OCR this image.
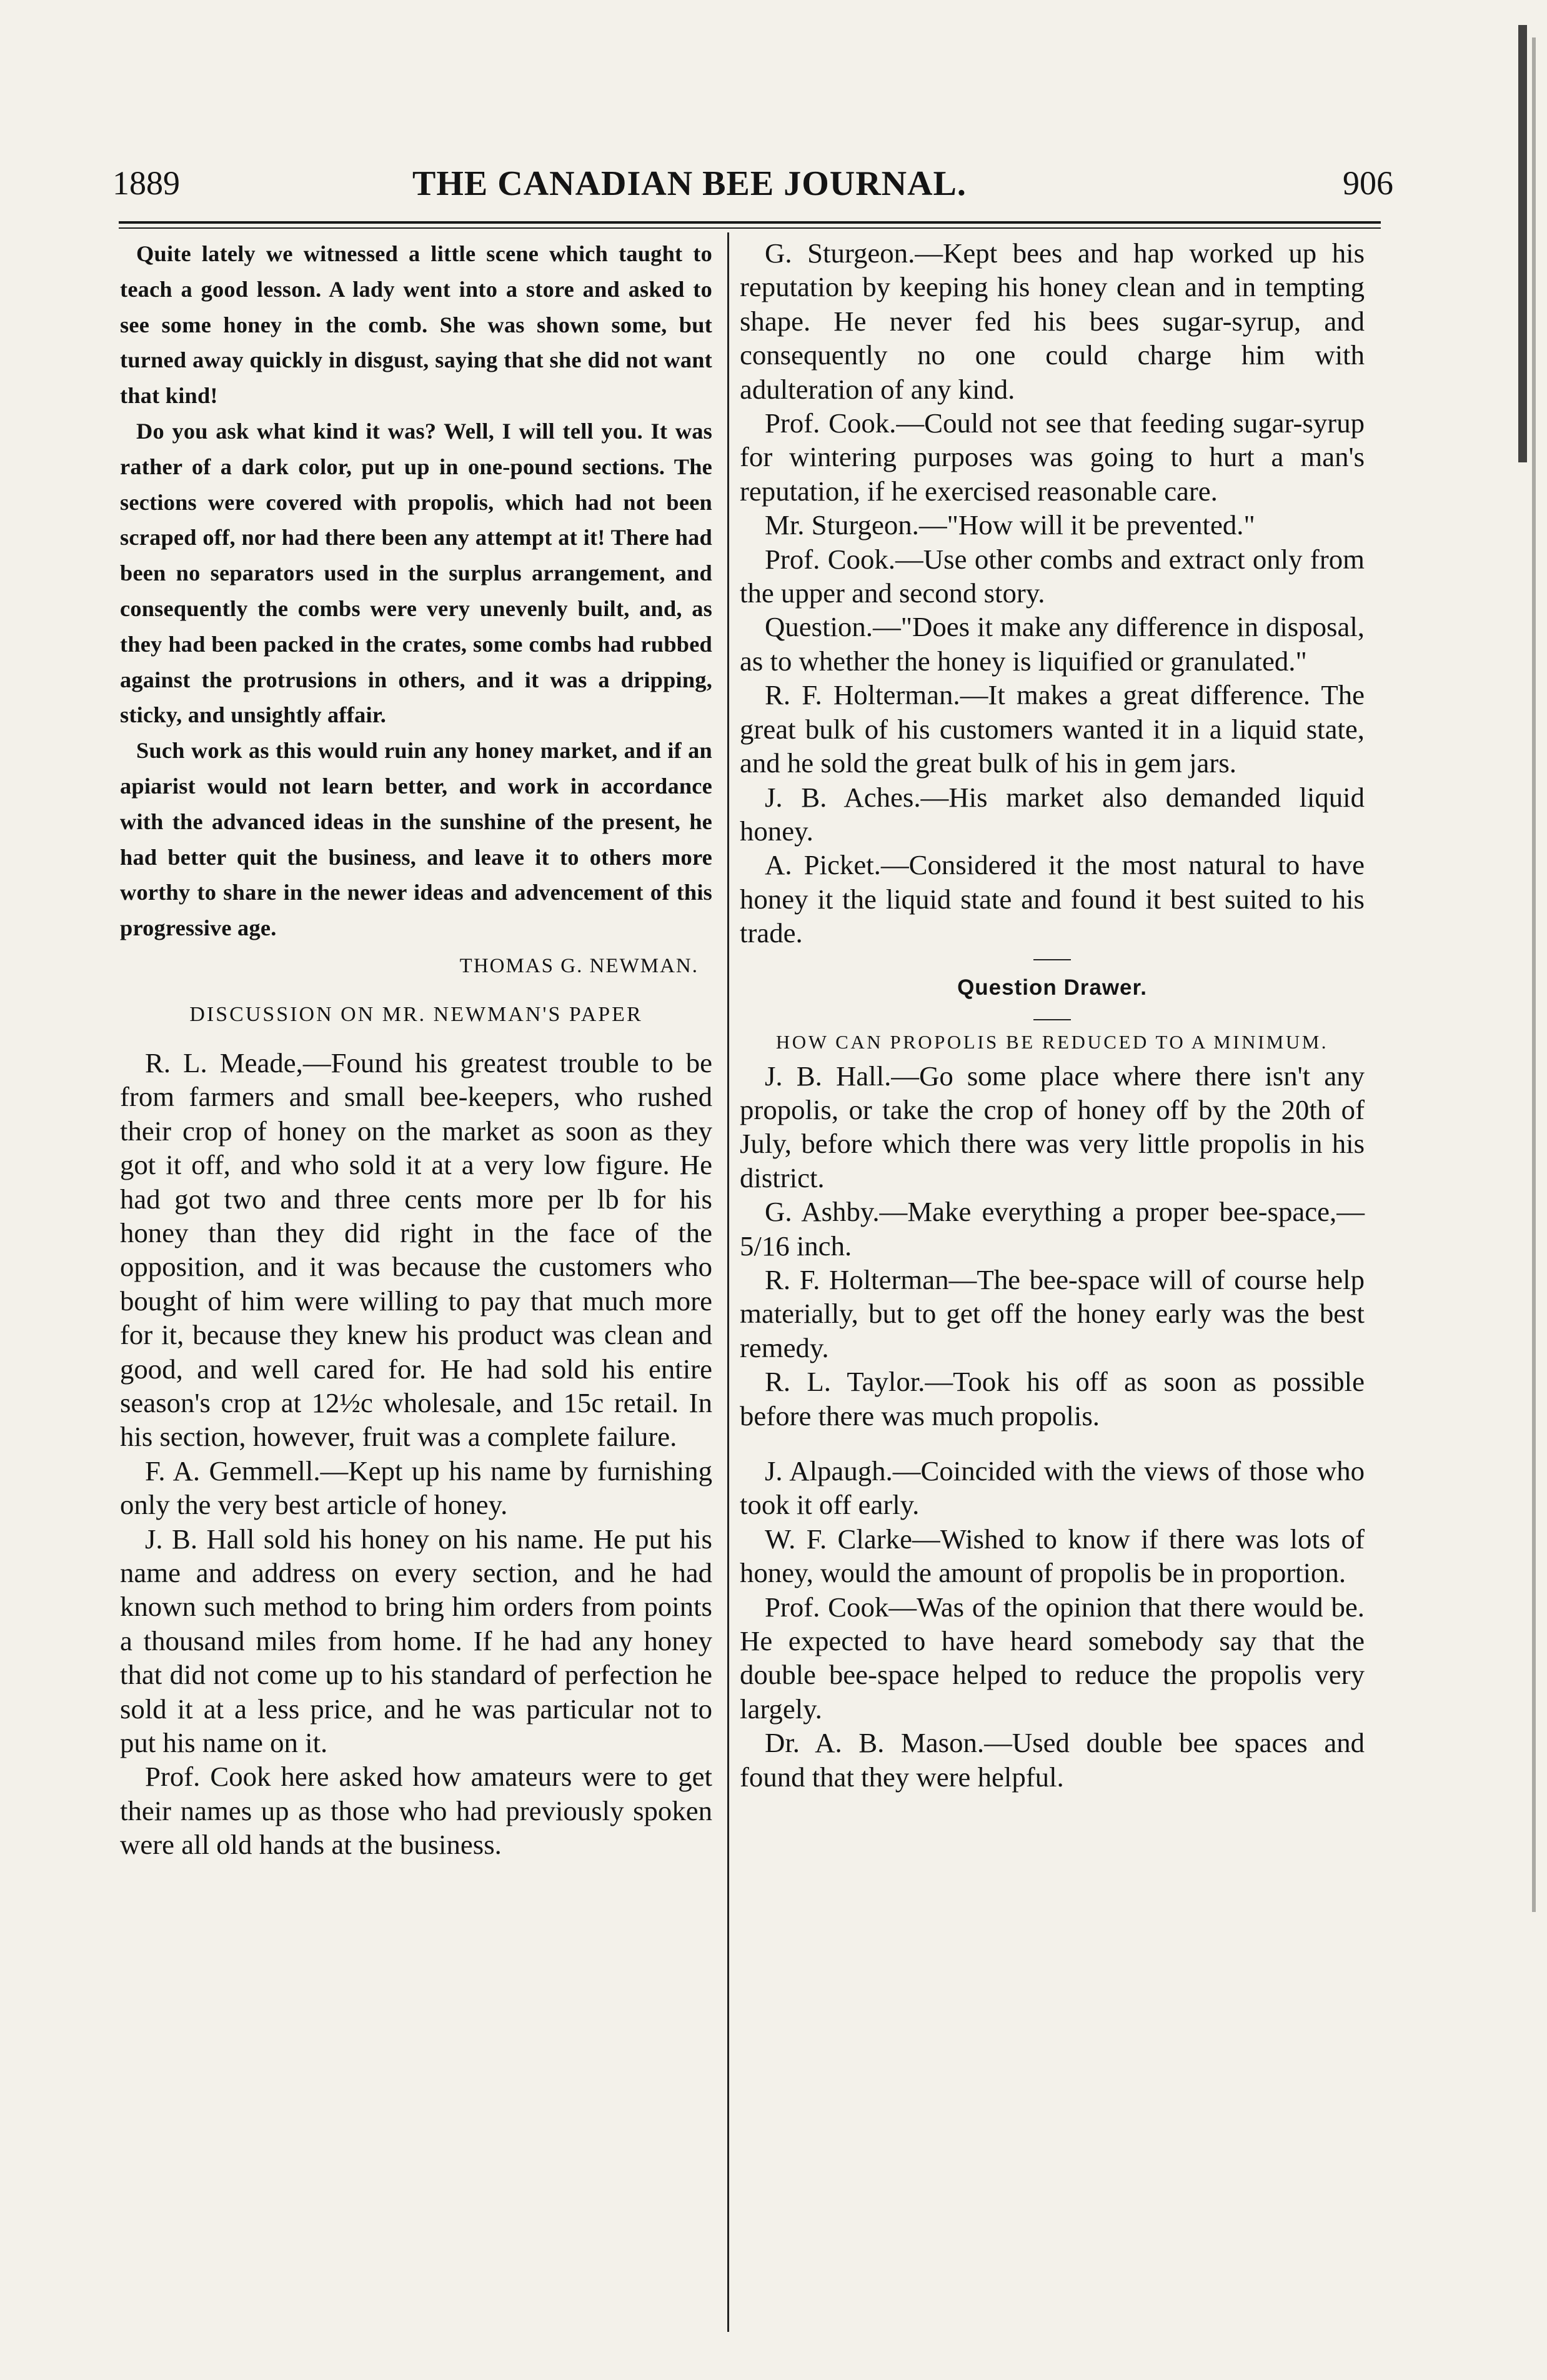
1889	THE CANADIAN BEE JOURNAL.	906

Quite lately we witnessed a little scene which taught to teach a good lesson. A lady went into a store and asked to see some honey in the comb. She was shown some, but turned away quickly in disgust, saying that she did not want that kind!

Do you ask what kind it was? Well, I will tell you. It was rather of a dark color, put up in one-pound sections. The sections were covered with propolis, which had not been scraped off, nor had there been any attempt at it! There had been no separators used in the surplus arrangement, and consequently the combs were very unevenly built, and, as they had been packed in the crates, some combs had rubbed against the protrusions in others, and it was a dripping, sticky, and unsightly affair.

Such work as this would ruin any honey market, and if an apiarist would not learn better, and work in accordance with the advanced ideas in the sunshine of the present, he had better quit the business, and leave it to others more worthy to share in the newer ideas and advencement of this progressive age.

THOMAS G. NEWMAN.
DISCUSSION ON MR. NEWMAN'S PAPER

R. L. Meade,—Found his greatest trouble to be from farmers and small bee-keepers, who rushed their crop of honey on the market as soon as they got it off, and who sold it at a very low figure. He had got two and three cents more per lb for his honey than they did right in the face of the opposition, and it was because the customers who bought of him were willing to pay that much more for it, because they knew his product was clean and good, and well cared for. He had sold his entire season's crop at 12½c wholesale, and 15c retail. In his section, however, fruit was a complete failure.

F. A. Gemmell.—Kept up his name by furnishing only the very best article of honey.

J. B. Hall sold his honey on his name. He put his name and address on every section, and he had known such method to bring him orders from points a thousand miles from home. If he had any honey that did not come up to his standard of perfection he sold it at a less price, and he was particular not to put his name on it.

Prof. Cook here asked how amateurs were to get their names up as those who had previously spoken were all old hands at the business.

G. Sturgeon.—Kept bees and hap worked up his reputation by keeping his honey clean and in tempting shape. He never fed his bees sugar-syrup, and consequently no one could charge him with adulteration of any kind.

Prof. Cook.—Could not see that feeding sugar-syrup for wintering purposes was going to hurt a man's reputation, if he exercised reasonable care.

Mr. Sturgeon.—"How will it be prevented."

Prof. Cook.—Use other combs and extract only from the upper and second story.

Question.—"Does it make any difference in disposal, as to whether the honey is liquified or granulated."

R. F. Holterman.—It makes a great difference. The great bulk of his customers wanted it in a liquid state, and he sold the great bulk of his in gem jars.

J. B. Aches.—His market also demanded liquid honey.

A. Picket.—Considered it the most natural to have honey it the liquid state and found it best suited to his trade.

Question Drawer.
HOW CAN PROPOLIS BE REDUCED TO A MINIMUM.

J. B. Hall.—Go some place where there isn't any propolis, or take the crop of honey off by the 20th of July, before which there was very little propolis in his district.

G. Ashby.—Make everything a proper bee-space,—5/16 inch.

R. F. Holterman—The bee-space will of course help materially, but to get off the honey early was the best remedy.

R. L. Taylor.—Took his off as soon as possible before there was much propolis.

J. Alpaugh.—Coincided with the views of those who took it off early.

W. F. Clarke—Wished to know if there was lots of honey, would the amount of propolis be in proportion.

Prof. Cook—Was of the opinion that there would be. He expected to have heard somebody say that the double bee-space helped to reduce the propolis very largely.

Dr. A. B. Mason.—Used double bee spaces and found that they were helpful.
